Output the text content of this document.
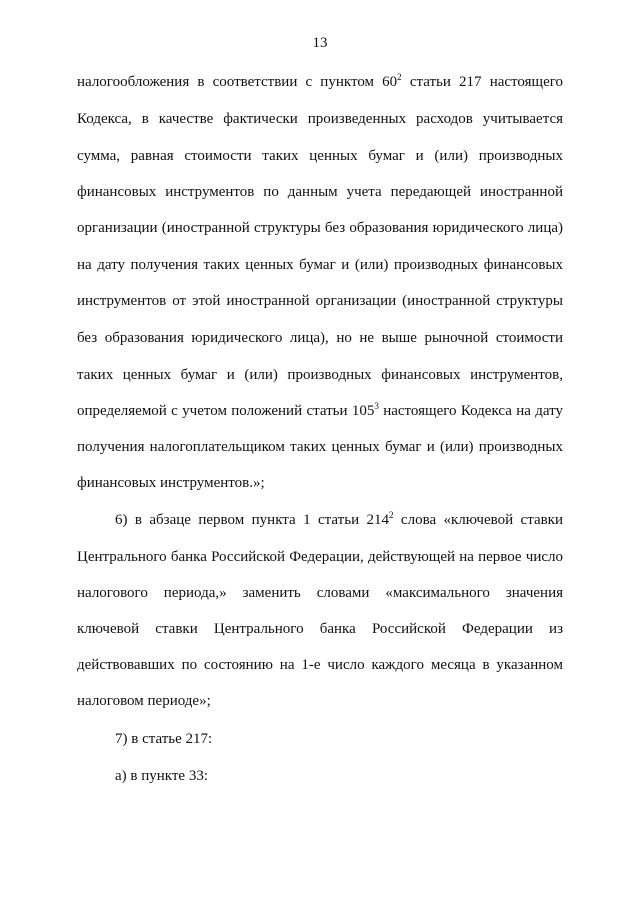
13
налогообложения в соответствии с пунктом $60^2$ статьи 217 настоящего
Кодекса, в качестве фактически произведенных расходов учитывается
сумма, равная стоимости таких ценных бумаг и (или) производных
финансовых инструментов по данным учета передающей иностранной
организации (иностранной структуры без образования юридического лица)
на дату получения таких ценных бумаг и (или) производных финансовых
инструментов от этой иностранной организации (иностранной структуры
без образования юридического лица), но не выше рыночной стоимости
таких ценных бумаг и (или) производных финансовых инструментов,
определяемой с учетом положений статьи $105^3$ настоящего Кодекса на дату
получения налогоплательщиком таких ценных бумаг и (или) производных
финансовых инструментов.»;
6) в абзаце первом пункта 1 статьи $214^2$ слова «ключевой ставки
Центрального банка Российской Федерации, действующей на первое число
налогового периода,» заменить словами «максимального значения
ключевой ставки Центрального банка Российской Федерации из
действовавших по состоянию на 1-е число каждого месяца в указанном
налоговом периоде»;
7) в статье 217:
а) в пункте 33:
